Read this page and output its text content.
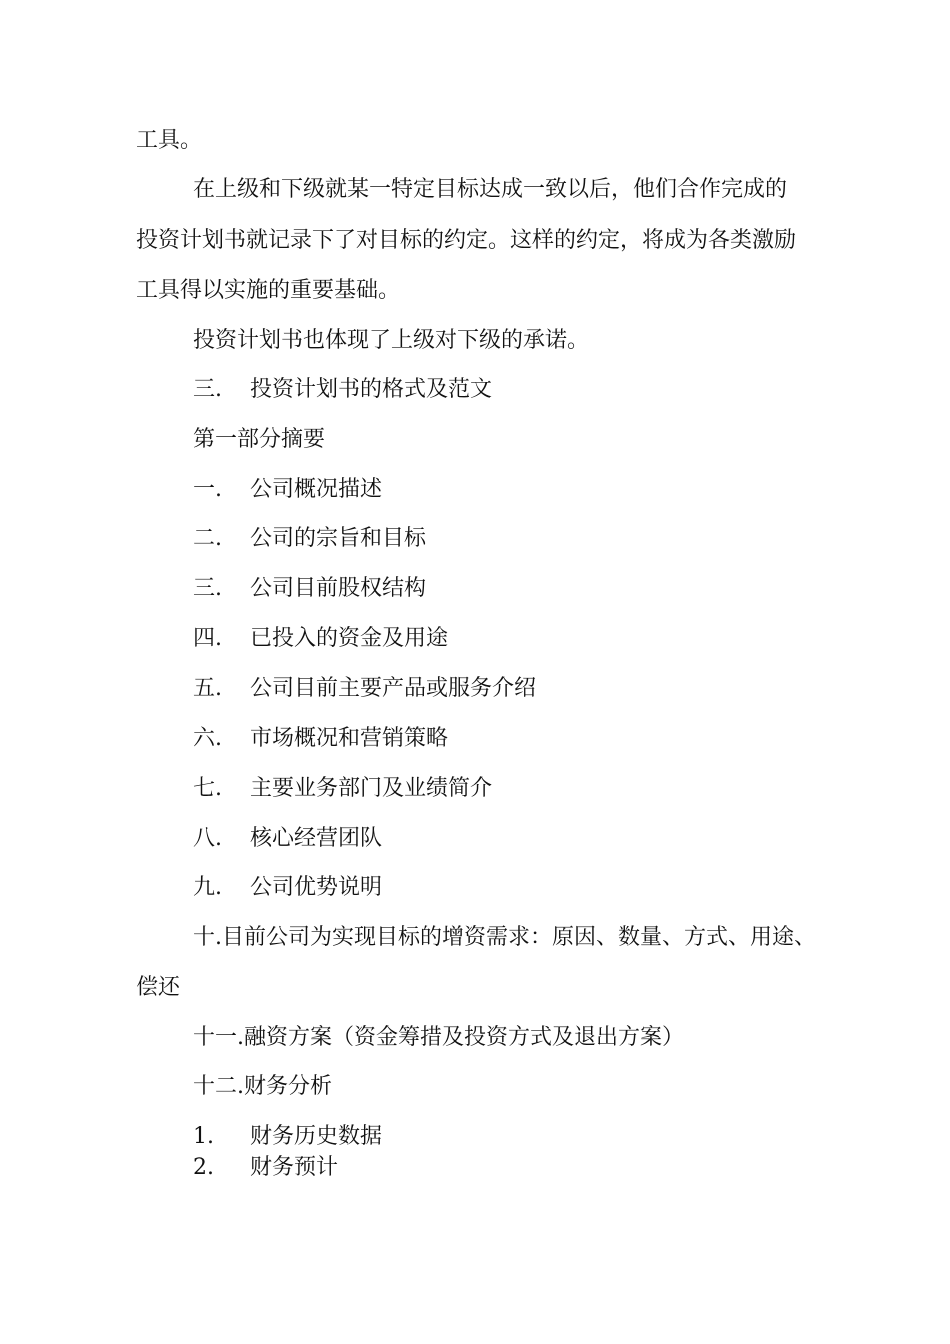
工具。
在上级和下级就某一特定目标达成一致以后，他们合作完成的
投资计划书就记录下了对目标的约定。这样的约定，将成为各类激励
工具得以实施的重要基础。
投资计划书也体现了上级对下级的承诺。
三. 投资计划书的格式及范文
第一部分摘要
一. 公司概况描述
二. 公司的宗旨和目标
三. 公司目前股权结构
四. 已投入的资金及用途
五. 公司目前主要产品或服务介绍
六. 市场概况和营销策略
七. 主要业务部门及业绩简介
八. 核心经营团队
九. 公司优势说明
十.目前公司为实现目标的增资需求：原因、数量、方式、用途、
偿还
十一.融资方案（资金筹措及投资方式及退出方案）
十二.财务分析
1. 财务历史数据
2. 财务预计
